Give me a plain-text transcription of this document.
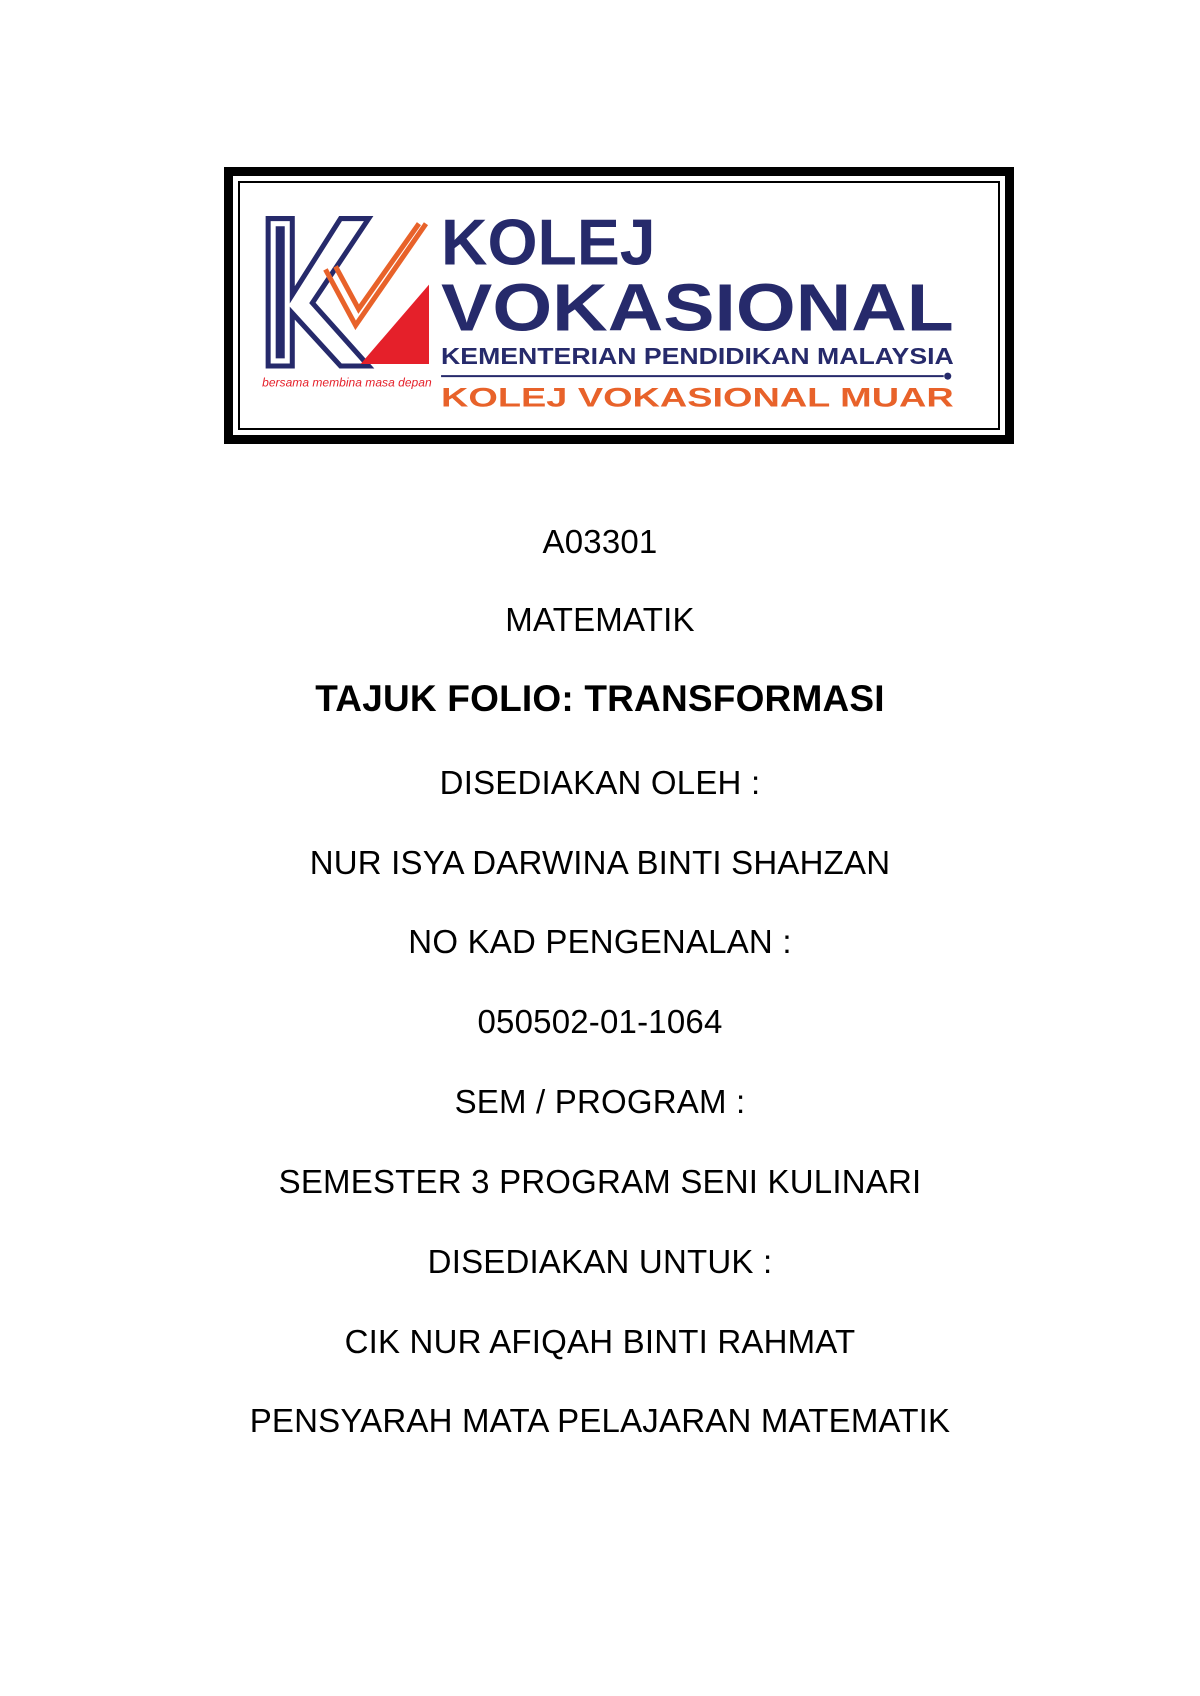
bersama membina masa depan
KOLEJ
VOKASIONAL
KEMENTERIAN PENDIDIKAN MALAYSIA
KOLEJ VOKASIONAL MUAR
A03301
MATEMATIK
TAJUK FOLIO: TRANSFORMASI
DISEDIAKAN OLEH :
NUR ISYA DARWINA BINTI SHAHZAN
NO KAD PENGENALAN :
050502-01-1064
SEM / PROGRAM :
SEMESTER 3 PROGRAM SENI KULINARI
DISEDIAKAN UNTUK :
CIK NUR AFIQAH BINTI RAHMAT
PENSYARAH MATA PELAJARAN MATEMATIK
